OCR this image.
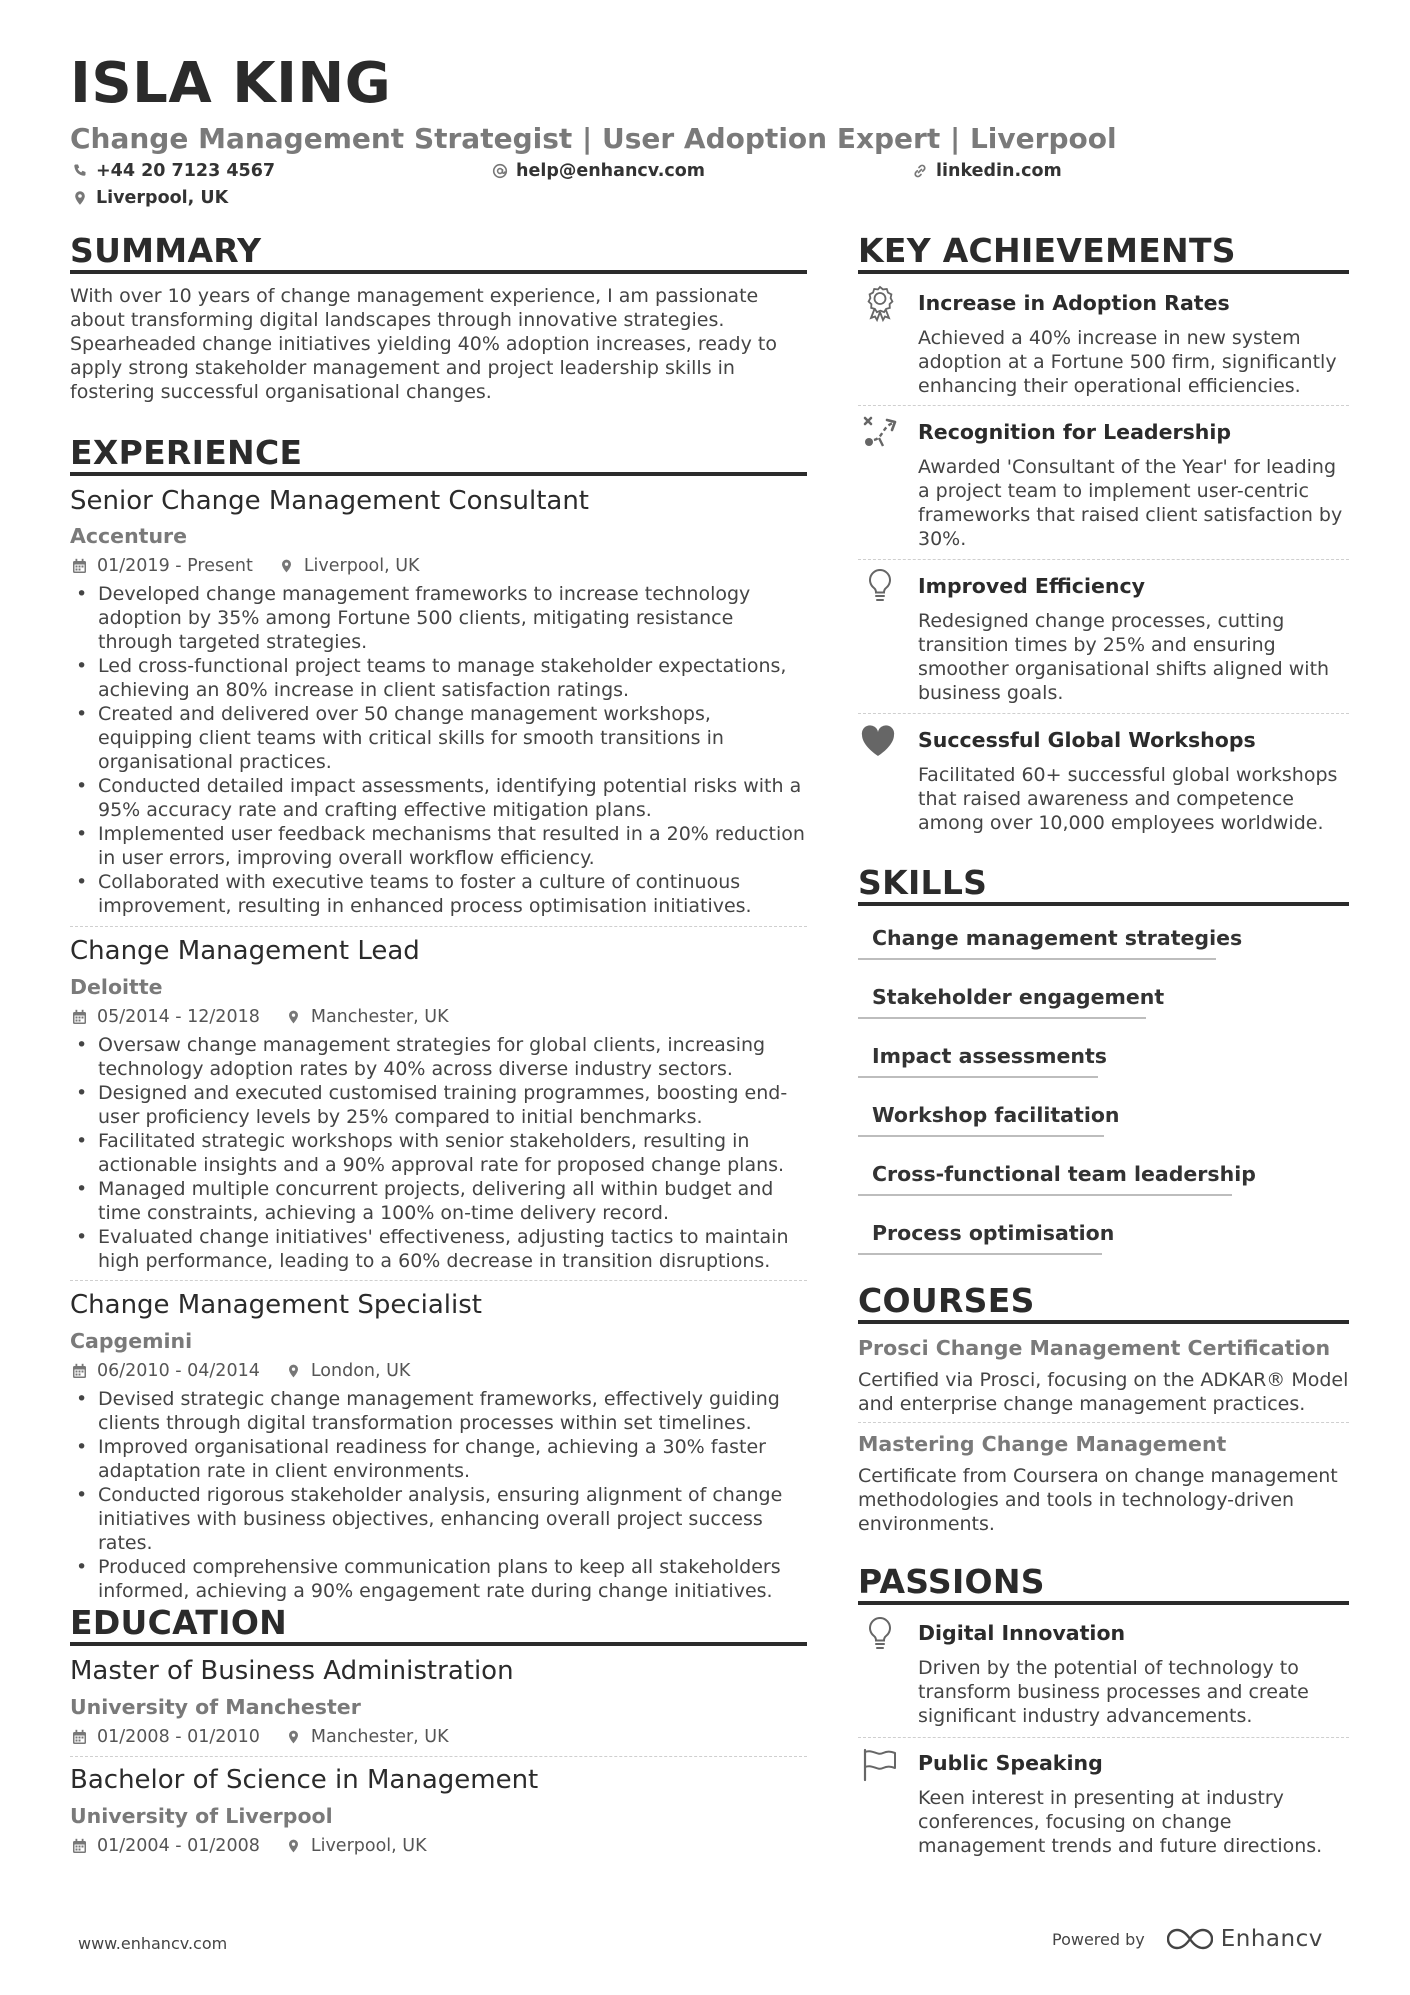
ISLA KING
Change Management Strategist | User Adoption Expert | Liverpool
+44 20 7123 4567	help@enhancv.com	linkedin.com
Liverpool, UK
SUMMARY
With over 10 years of change management experience, I am passionate about transforming digital landscapes through innovative strategies. Spearheaded change initiatives yielding 40% adoption increases, ready to apply strong stakeholder management and project leadership skills in fostering successful organisational changes.
EXPERIENCE
Senior Change Management Consultant
Accenture
01/2019 - Present	Liverpool, UK
• Developed change management frameworks to increase technology adoption by 35% among Fortune 500 clients, mitigating resistance through targeted strategies.
• Led cross-functional project teams to manage stakeholder expectations, achieving an 80% increase in client satisfaction ratings.
• Created and delivered over 50 change management workshops, equipping client teams with critical skills for smooth transitions in organisational practices.
• Conducted detailed impact assessments, identifying potential risks with a 95% accuracy rate and crafting effective mitigation plans.
• Implemented user feedback mechanisms that resulted in a 20% reduction in user errors, improving overall workflow efficiency.
• Collaborated with executive teams to foster a culture of continuous improvement, resulting in enhanced process optimisation initiatives.
Change Management Lead
Deloitte
05/2014 - 12/2018	Manchester, UK
• Oversaw change management strategies for global clients, increasing technology adoption rates by 40% across diverse industry sectors.
• Designed and executed customised training programmes, boosting end-user proficiency levels by 25% compared to initial benchmarks.
• Facilitated strategic workshops with senior stakeholders, resulting in actionable insights and a 90% approval rate for proposed change plans.
• Managed multiple concurrent projects, delivering all within budget and time constraints, achieving a 100% on-time delivery record.
• Evaluated change initiatives' effectiveness, adjusting tactics to maintain high performance, leading to a 60% decrease in transition disruptions.
Change Management Specialist
Capgemini
06/2010 - 04/2014	London, UK
• Devised strategic change management frameworks, effectively guiding clients through digital transformation processes within set timelines.
• Improved organisational readiness for change, achieving a 30% faster adaptation rate in client environments.
• Conducted rigorous stakeholder analysis, ensuring alignment of change initiatives with business objectives, enhancing overall project success rates.
• Produced comprehensive communication plans to keep all stakeholders informed, achieving a 90% engagement rate during change initiatives.
EDUCATION
Master of Business Administration
University of Manchester
01/2008 - 01/2010	Manchester, UK
Bachelor of Science in Management
University of Liverpool
01/2004 - 01/2008	Liverpool, UK
KEY ACHIEVEMENTS
Increase in Adoption Rates
Achieved a 40% increase in new system adoption at a Fortune 500 firm, significantly enhancing their operational efficiencies.
Recognition for Leadership
Awarded 'Consultant of the Year' for leading a project team to implement user-centric frameworks that raised client satisfaction by 30%.
Improved Efficiency
Redesigned change processes, cutting transition times by 25% and ensuring smoother organisational shifts aligned with business goals.
Successful Global Workshops
Facilitated 60+ successful global workshops that raised awareness and competence among over 10,000 employees worldwide.
SKILLS
Change management strategies
Stakeholder engagement
Impact assessments
Workshop facilitation
Cross-functional team leadership
Process optimisation
COURSES
Prosci Change Management Certification
Certified via Prosci, focusing on the ADKAR® Model and enterprise change management practices.
Mastering Change Management
Certificate from Coursera on change management methodologies and tools in technology-driven environments.
PASSIONS
Digital Innovation
Driven by the potential of technology to transform business processes and create significant industry advancements.
Public Speaking
Keen interest in presenting at industry conferences, focusing on change management trends and future directions.
www.enhancv.com	Powered by	Enhancv
